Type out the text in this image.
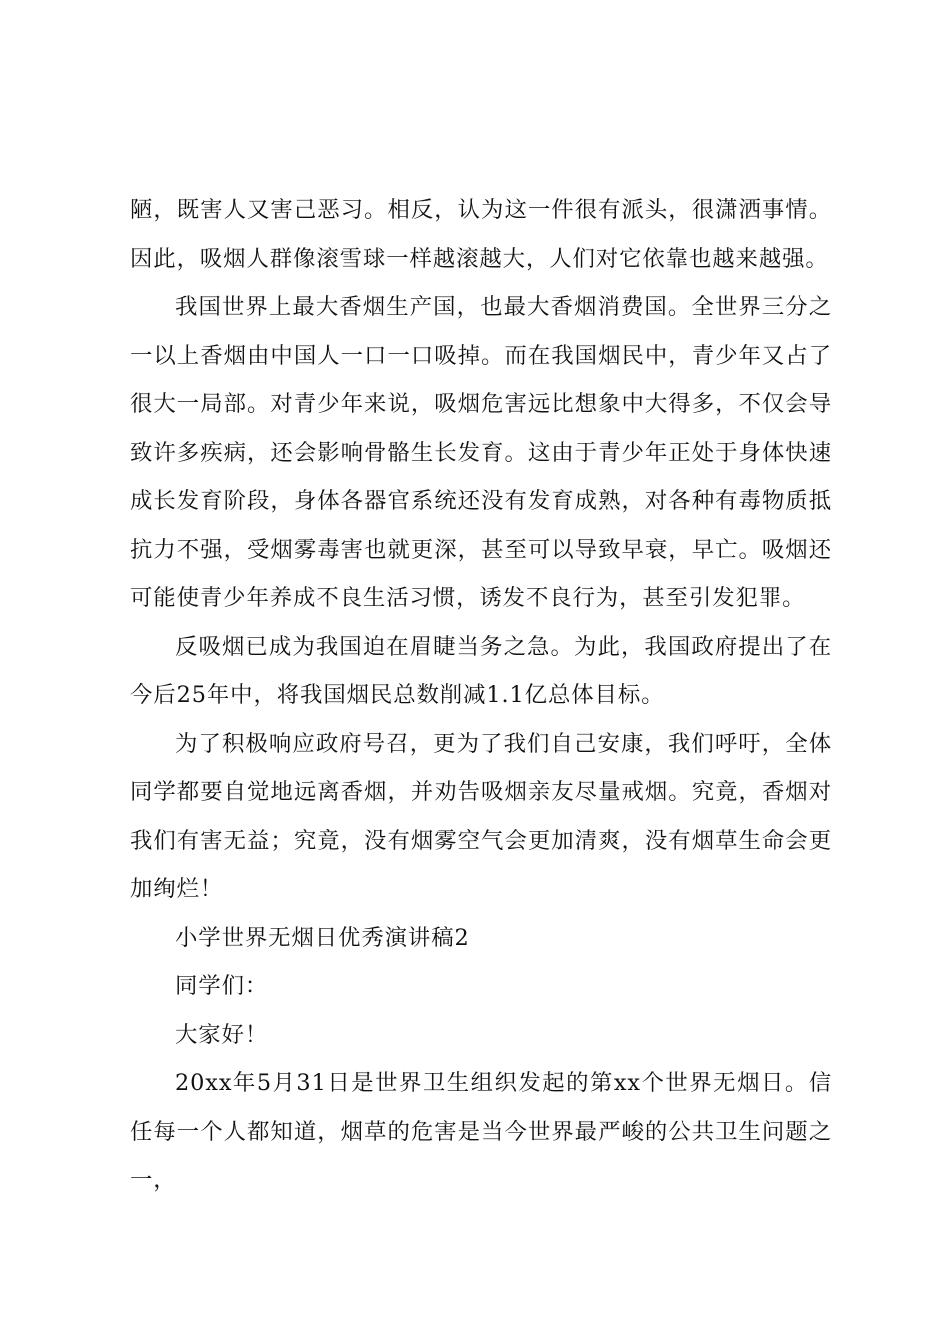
陋，既害人又害己恶习。相反，认为这一件很有派头，很潇洒事情。因此，吸烟人群像滚雪球一样越滚越大，人们对它依靠也越来越强。

我国世界上最大香烟生产国，也最大香烟消费国。全世界三分之一以上香烟由中国人一口一口吸掉。而在我国烟民中，青少年又占了很大一局部。对青少年来说，吸烟危害远比想象中大得多，不仅会导致许多疾病，还会影响骨骼生长发育。这由于青少年正处于身体快速成长发育阶段，身体各器官系统还没有发育成熟，对各种有毒物质抵抗力不强，受烟雾毒害也就更深，甚至可以导致早衰，早亡。吸烟还可能使青少年养成不良生活习惯，诱发不良行为，甚至引发犯罪。

反吸烟已成为我国迫在眉睫当务之急。为此，我国政府提出了在今后25年中，将我国烟民总数削减1.1亿总体目标。

为了积极响应政府号召，更为了我们自己安康，我们呼吁，全体同学都要自觉地远离香烟，并劝告吸烟亲友尽量戒烟。究竟，香烟对我们有害无益；究竟，没有烟雾空气会更加清爽，没有烟草生命会更加绚烂！

小学世界无烟日优秀演讲稿2

同学们：

大家好！

20xx年5月31日是世界卫生组织发起的第xx个世界无烟日。信任每一个人都知道，烟草的危害是当今世界最严峻的公共卫生问题之一，
